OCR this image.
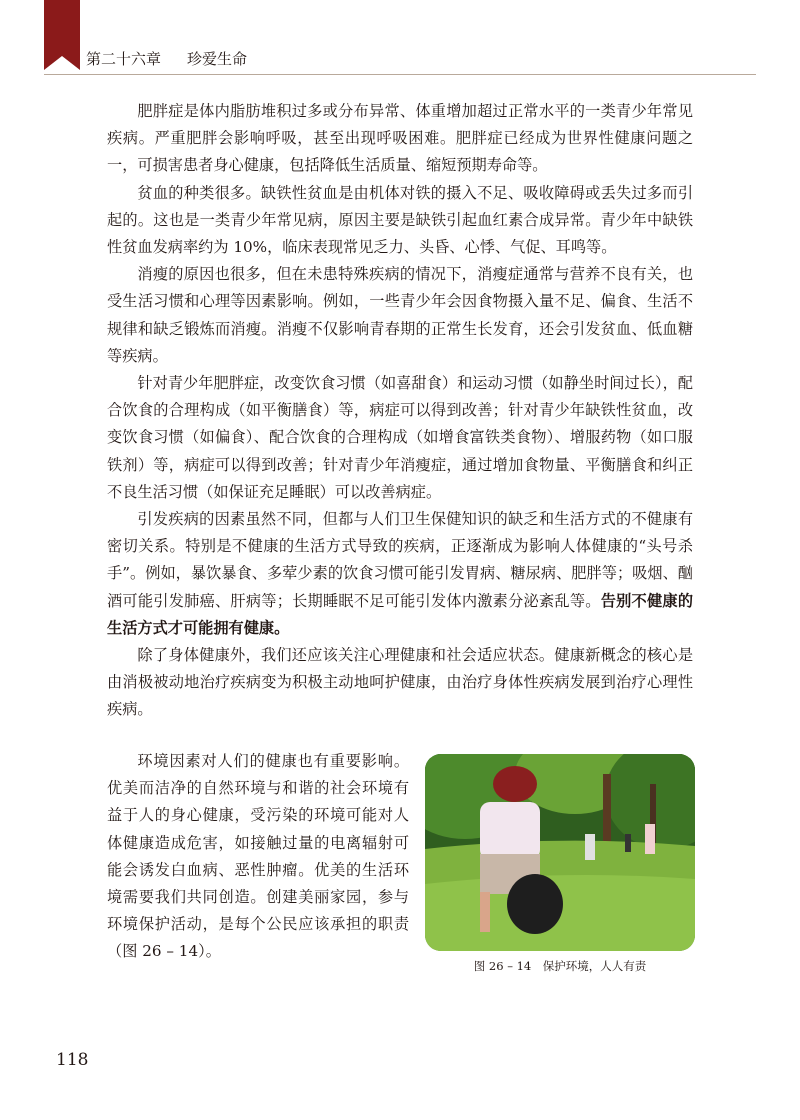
第二十六章 珍爱生命

肥胖症是体内脂肪堆积过多或分布异常、体重增加超过正常水平的一类青少年常见疾病。严重肥胖会影响呼吸，甚至出现呼吸困难。肥胖症已经成为世界性健康问题之一，可损害患者身心健康，包括降低生活质量、缩短预期寿命等。

贫血的种类很多。缺铁性贫血是由机体对铁的摄入不足、吸收障碍或丢失过多而引起的。这也是一类青少年常见病，原因主要是缺铁引起血红素合成异常。青少年中缺铁性贫血发病率约为 10%，临床表现常见乏力、头昏、心悸、气促、耳鸣等。

消瘦的原因也很多，但在未患特殊疾病的情况下，消瘦症通常与营养不良有关，也受生活习惯和心理等因素影响。例如，一些青少年会因食物摄入量不足、偏食、生活不规律和缺乏锻炼而消瘦。消瘦不仅影响青春期的正常生长发育，还会引发贫血、低血糖等疾病。

针对青少年肥胖症，改变饮食习惯（如喜甜食）和运动习惯（如静坐时间过长），配合饮食的合理构成（如平衡膳食）等，病症可以得到改善；针对青少年缺铁性贫血，改变饮食习惯（如偏食）、配合饮食的合理构成（如增食富铁类食物）、增服药物（如口服铁剂）等，病症可以得到改善；针对青少年消瘦症，通过增加食物量、平衡膳食和纠正不良生活习惯（如保证充足睡眠）可以改善病症。

引发疾病的因素虽然不同，但都与人们卫生保健知识的缺乏和生活方式的不健康有密切关系。特别是不健康的生活方式导致的疾病，正逐渐成为影响人体健康的“头号杀手”。例如，暴饮暴食、多荤少素的饮食习惯可能引发胃病、糖尿病、肥胖等；吸烟、酗酒可能引发肺癌、肝病等；长期睡眠不足可能引发体内激素分泌紊乱等。告别不健康的生活方式才可能拥有健康。

除了身体健康外，我们还应该关注心理健康和社会适应状态。健康新概念的核心是由消极被动地治疗疾病变为积极主动地呵护健康，由治疗身体性疾病发展到治疗心理性疾病。

环境因素对人们的健康也有重要影响。优美而洁净的自然环境与和谐的社会环境有益于人的身心健康，受污染的环境可能对人体健康造成危害，如接触过量的电离辐射可能会诱发白血病、恶性肿瘤。优美的生活环境需要我们共同创造。创建美丽家园，参与环境保护活动，是每个公民应该承担的职责（图 26 – 14）。

图 26 – 14　保护环境，人人有责
118
